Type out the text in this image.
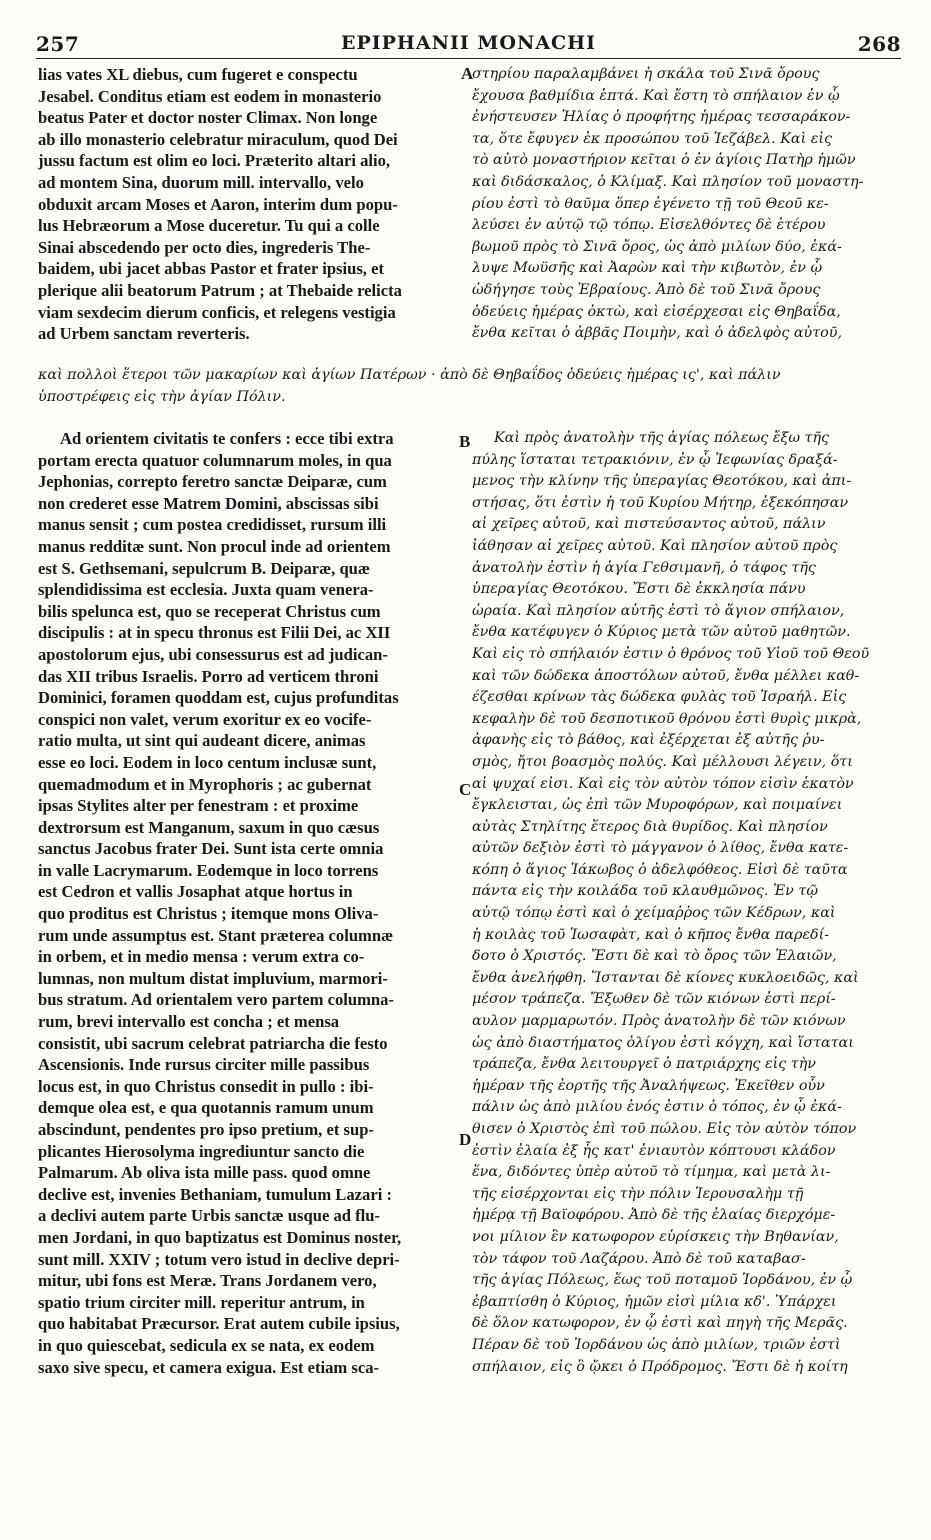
257	EPIPHANII MONACHI	268
lias vates XL diebus, cum fugeret e conspectu
Jesabel. Conditus etiam est eodem in monasterio
beatus Pater et doctor noster Climax. Non longe
ab illo monasterio celebratur miraculum, quod Dei
jussu factum est olim eo loci. Præterito altari alio,
ad montem Sina, duorum mill. intervallo, velo
obduxit arcam Moses et Aaron, interim dum popu-
lus Hebræorum a Mose duceretur. Tu qui a colle
Sinai abscedendo per octo dies, ingrederis The-
baidem, ubi jacet abbas Pastor et frater ipsius, et
plerique alii beatorum Patrum ; at Thebaide relicta
viam sexdecim dierum conficis, et relegens vestigia
ad Urbem sanctam reverteris.
στηρίου παραλαμβάνει ἡ σκάλα τοῦ Σινᾶ ὄρους
ἔχουσα βαθμίδια ἑπτά. Καὶ ἔστη τὸ σπήλαιον ἐν ᾧ
ἐνήστευσεν Ἠλίας ὁ προφήτης ἡμέρας τεσσαράκον-
τα, ὅτε ἔφυγεν ἐκ προσώπου τοῦ Ἰεζάβελ. Καὶ εἰς
τὸ αὐτὸ μοναστήριον κεῖται ὁ ἐν ἁγίοις Πατὴρ ἡμῶν
καὶ διδάσκαλος, ὁ Κλίμαξ. Καὶ πλησίον τοῦ μοναστη-
ρίου ἐστὶ τὸ θαῦμα ὅπερ ἐγένετο τῇ τοῦ Θεοῦ κε-
λεύσει ἐν αὐτῷ τῷ τόπῳ. Εἰσελθόντες δὲ ἑτέρου
βωμοῦ πρὸς τὸ Σινᾶ ὄρος, ὡς ἀπὸ μιλίων δύο, ἐκά-
λυψε Μωϋσῆς καὶ Ἀαρὼν καὶ τὴν κιβωτὸν, ἐν ᾧ
ὡδήγησε τοὺς Ἑβραίους. Ἀπὸ δὲ τοῦ Σινᾶ ὄρους
ὁδεύεις ἡμέρας ὀκτὼ, καὶ εἰσέρχεσαι εἰς Θηβαΐδα,
ἔνθα κεῖται ὁ ἀββᾶς Ποιμὴν, καὶ ὁ ἀδελφὸς αὐτοῦ,
A
καὶ πολλοὶ ἕτεροι τῶν μακαρίων καὶ ἁγίων Πατέρων · ἀπὸ δὲ Θηβαΐδος ὁδεύεις ἡμέρας ις', καὶ πάλιν
ὑποστρέφεις εἰς τὴν ἁγίαν Πόλιν.
Ad orientem civitatis te confers : ecce tibi extra
portam erecta quatuor columnarum moles, in qua
Jephonias, correpto feretro sanctæ Deiparæ, cum
non crederet esse Matrem Domini, abscissas sibi
manus sensit ; cum postea credidisset, rursum illi
manus redditæ sunt. Non procul inde ad orientem
est S. Gethsemani, sepulcrum B. Deiparæ, quæ
splendidissima est ecclesia. Juxta quam venera-
bilis spelunca est, quo se receperat Christus cum
discipulis : at in specu thronus est Filii Dei, ac XII
apostolorum ejus, ubi consessurus est ad judican-
das XII tribus Israelis. Porro ad verticem throni
Dominici, foramen quoddam est, cujus profunditas
conspici non valet, verum exoritur ex eo vocife-
ratio multa, ut sint qui audeant dicere, animas
esse eo loci. Eodem in loco centum inclusæ sunt,
quemadmodum et in Myrophoris ; ac gubernat
ipsas Stylites alter per fenestram : et proxime
dextrorsum est Manganum, saxum in quo cæsus
sanctus Jacobus frater Dei. Sunt ista certe omnia
in valle Lacrymarum. Eodemque in loco torrens
est Cedron et vallis Josaphat atque hortus in
quo proditus est Christus ; itemque mons Oliva-
rum unde assumptus est. Stant præterea columnæ
in orbem, et in medio mensa : verum extra co-
lumnas, non multum distat impluvium, marmori-
bus stratum. Ad orientalem vero partem columna-
rum, brevi intervallo est concha ; et mensa
consistit, ubi sacrum celebrat patriarcha die festo
Ascensionis. Inde rursus circiter mille passibus
locus est, in quo Christus consedit in pullo : ibi-
demque olea est, e qua quotannis ramum unum
abscindunt, pendentes pro ipso pretium, et sup-
plicantes Hierosolyma ingrediuntur sancto die
Palmarum. Ab oliva ista mille pass. quod omne
declive est, invenies Bethaniam, tumulum Lazari :
a declivi autem parte Urbis sanctæ usque ad flu-
men Jordani, in quo baptizatus est Dominus noster,
sunt mill. XXIV ; totum vero istud in declive depri-
mitur, ubi fons est Meræ. Trans Jordanem vero,
spatio trium circiter mill. reperitur antrum, in
quo habitabat Præcursor. Erat autem cubile ipsius,
in quo quiescebat, sedicula ex se nata, ex eodem
saxo sive specu, et camera exigua. Est etiam sca-
Καὶ πρὸς ἀνατολὴν τῆς ἁγίας πόλεως ἔξω τῆς
πύλης ἵσταται τετρακιόνιν, ἐν ᾧ Ἰεφωνίας δραξά-
μενος τὴν κλίνην τῆς ὑπεραγίας Θεοτόκου, καὶ ἀπι-
στήσας, ὅτι ἐστὶν ἡ τοῦ Κυρίου Μήτηρ, ἐξεκόπησαν
αἱ χεῖρες αὐτοῦ, καὶ πιστεύσαντος αὐτοῦ, πάλιν
ἰάθησαν αἱ χεῖρες αὐτοῦ. Καὶ πλησίον αὐτοῦ πρὸς
ἀνατολὴν ἐστὶν ἡ ἁγία Γεθσιμανῆ, ὁ τάφος τῆς
ὑπεραγίας Θεοτόκου. Ἔστι δὲ ἐκκλησία πάνυ
ὡραία. Καὶ πλησίον αὐτῆς ἐστὶ τὸ ἅγιον σπήλαιον,
ἔνθα κατέφυγεν ὁ Κύριος μετὰ τῶν αὐτοῦ μαθητῶν.
Καὶ εἰς τὸ σπήλαιόν ἐστιν ὁ θρόνος τοῦ Υἱοῦ τοῦ Θεοῦ
καὶ τῶν δώδεκα ἀποστόλων αὐτοῦ, ἔνθα μέλλει καθ-
έζεσθαι κρίνων τὰς δώδεκα φυλὰς τοῦ Ἰσραήλ. Εἰς
κεφαλὴν δὲ τοῦ δεσποτικοῦ θρόνου ἐστὶ θυρὶς μικρὰ,
ἀφανὴς εἰς τὸ βάθος, καὶ ἐξέρχεται ἐξ αὐτῆς ῥυ-
σμὸς, ἤτοι βοασμὸς πολύς. Καὶ μέλλουσι λέγειν, ὅτι
αἱ ψυχαί εἰσι. Καὶ εἰς τὸν αὐτὸν τόπον εἰσὶν ἑκατὸν
ἔγκλεισται, ὡς ἐπὶ τῶν Μυροφόρων, καὶ ποιμαίνει
αὐτὰς Στηλίτης ἕτερος διὰ θυρίδος. Καὶ πλησίον
αὐτῶν δεξιὸν ἐστὶ τὸ μάγγανον ὁ λίθος, ἔνθα κατε-
κόπη ὁ ἅγιος Ἰάκωβος ὁ ἀδελφόθεος. Εἰσὶ δὲ ταῦτα
πάντα εἰς τὴν κοιλάδα τοῦ κλαυθμῶνος. Ἐν τῷ
αὐτῷ τόπῳ ἐστὶ καὶ ὁ χείμαῤῥος τῶν Κέδρων, καὶ
ἡ κοιλὰς τοῦ Ἰωσαφὰτ, καὶ ὁ κῆπος ἔνθα παρεδί-
δοτο ὁ Χριστός. Ἔστι δὲ καὶ τὸ ὄρος τῶν Ἐλαιῶν,
ἔνθα ἀνελήφθη. Ἵστανται δὲ κίονες κυκλοειδῶς, καὶ
μέσον τράπεζα. Ἔξωθεν δὲ τῶν κιόνων ἐστὶ περί-
αυλον μαρμαρωτόν. Πρὸς ἀνατολὴν δὲ τῶν κιόνων
ὡς ἀπὸ διαστήματος ὀλίγου ἐστὶ κόγχη, καὶ ἵσταται
τράπεζα, ἔνθα λειτουργεῖ ὁ πατριάρχης εἰς τὴν
ἡμέραν τῆς ἑορτῆς τῆς Ἀναλήψεως. Ἐκεῖθεν οὖν
πάλιν ὡς ἀπὸ μιλίου ἑνός ἐστιν ὁ τόπος, ἐν ᾧ ἐκά-
θισεν ὁ Χριστὸς ἐπὶ τοῦ πώλου. Εἰς τὸν αὐτὸν τόπον
ἐστὶν ἐλαία ἐξ ἧς κατ' ἐνιαυτὸν κόπτουσι κλάδον
ἕνα, διδόντες ὑπὲρ αὐτοῦ τὸ τίμημα, καὶ μετὰ λι-
τῆς εἰσέρχονται εἰς τὴν πόλιν Ἱερουσαλὴμ τῇ
ἡμέρᾳ τῇ Βαϊοφόρου. Ἀπὸ δὲ τῆς ἐλαίας διερχόμε-
νοι μίλιον ἓν κατωφορον εὑρίσκεις τὴν Βηθανίαν,
τὸν τάφον τοῦ Λαζάρου. Ἀπὸ δὲ τοῦ καταβασ-
τῆς ἁγίας Πόλεως, ἕως τοῦ ποταμοῦ Ἰορδάνου, ἐν ᾧ
ἐβαπτίσθη ὁ Κύριος, ἡμῶν εἰσὶ μίλια κδ'. Ὑπάρχει
δὲ ὅλον κατωφορον, ἐν ᾧ ἐστὶ καὶ πηγὴ τῆς Μερᾶς.
Πέραν δὲ τοῦ Ἰορδάνου ὡς ἀπὸ μιλίων, τριῶν ἐστὶ
σπήλαιον, εἰς ὃ ᾤκει ὁ Πρόδρομος. Ἔστι δὲ ἡ κοίτη
B
C
D
